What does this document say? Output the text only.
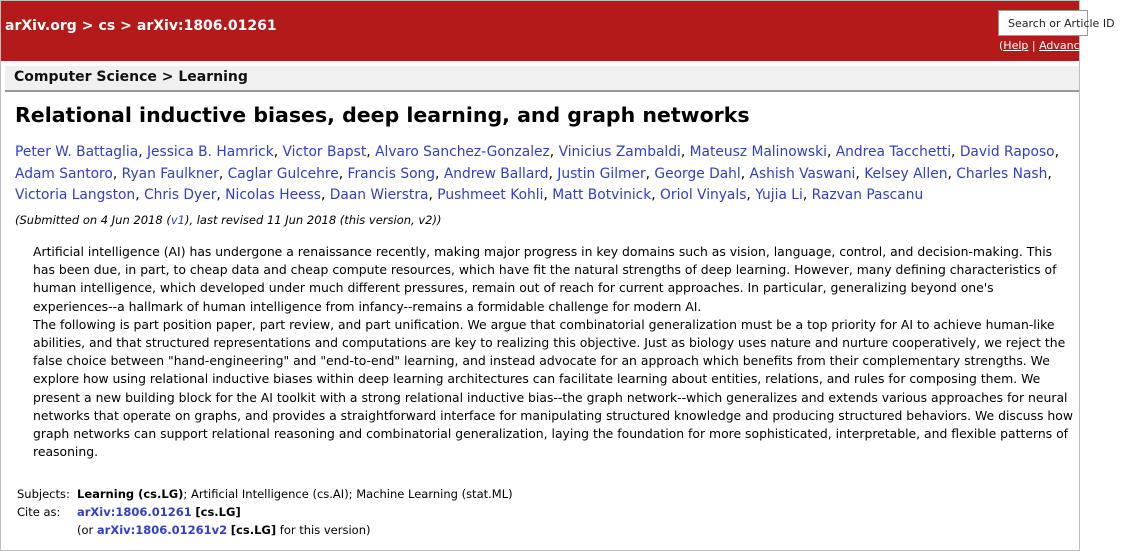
arXiv.org > cs > arXiv:1806.01261	Search or Article ID
(Help | Advanced search
Computer Science > Learning
Relational inductive biases, deep learning, and graph networks
Peter W. Battaglia, Jessica B. Hamrick, Victor Bapst, Alvaro Sanchez-Gonzalez, Vinicius Zambaldi, Mateusz Malinowski, Andrea Tacchetti, David Raposo, Adam Santoro, Ryan Faulkner, Caglar Gulcehre, Francis Song, Andrew Ballard, Justin Gilmer, George Dahl, Ashish Vaswani, Kelsey Allen, Charles Nash, Victoria Langston, Chris Dyer, Nicolas Heess, Daan Wierstra, Pushmeet Kohli, Matt Botvinick, Oriol Vinyals, Yujia Li, Razvan Pascanu
(Submitted on 4 Jun 2018 (v1), last revised 11 Jun 2018 (this version, v2))

Artificial intelligence (AI) has undergone a renaissance recently, making major progress in key domains such as vision, language, control, and decision-making. This has been due, in part, to cheap data and cheap compute resources, which have fit the natural strengths of deep learning. However, many defining characteristics of human intelligence, which developed under much different pressures, remain out of reach for current approaches. In particular, generalizing beyond one's experiences--a hallmark of human intelligence from infancy--remains a formidable challenge for modern AI.

The following is part position paper, part review, and part unification. We argue that combinatorial generalization must be a top priority for AI to achieve human-like abilities, and that structured representations and computations are key to realizing this objective. Just as biology uses nature and nurture cooperatively, we reject the false choice between "hand-engineering" and "end-to-end" learning, and instead advocate for an approach which benefits from their complementary strengths. We explore how using relational inductive biases within deep learning architectures can facilitate learning about entities, relations, and rules for composing them. We present a new building block for the AI toolkit with a strong relational inductive bias--the graph network--which generalizes and extends various approaches for neural networks that operate on graphs, and provides a straightforward interface for manipulating structured knowledge and producing structured behaviors. We discuss how graph networks can support relational reasoning and combinatorial generalization, laying the foundation for more sophisticated, interpretable, and flexible patterns of reasoning.

Subjects: Learning (cs.LG); Artificial Intelligence (cs.AI); Machine Learning (stat.ML)
Cite as: arXiv:1806.01261 [cs.LG]
(or arXiv:1806.01261v2 [cs.LG] for this version)
